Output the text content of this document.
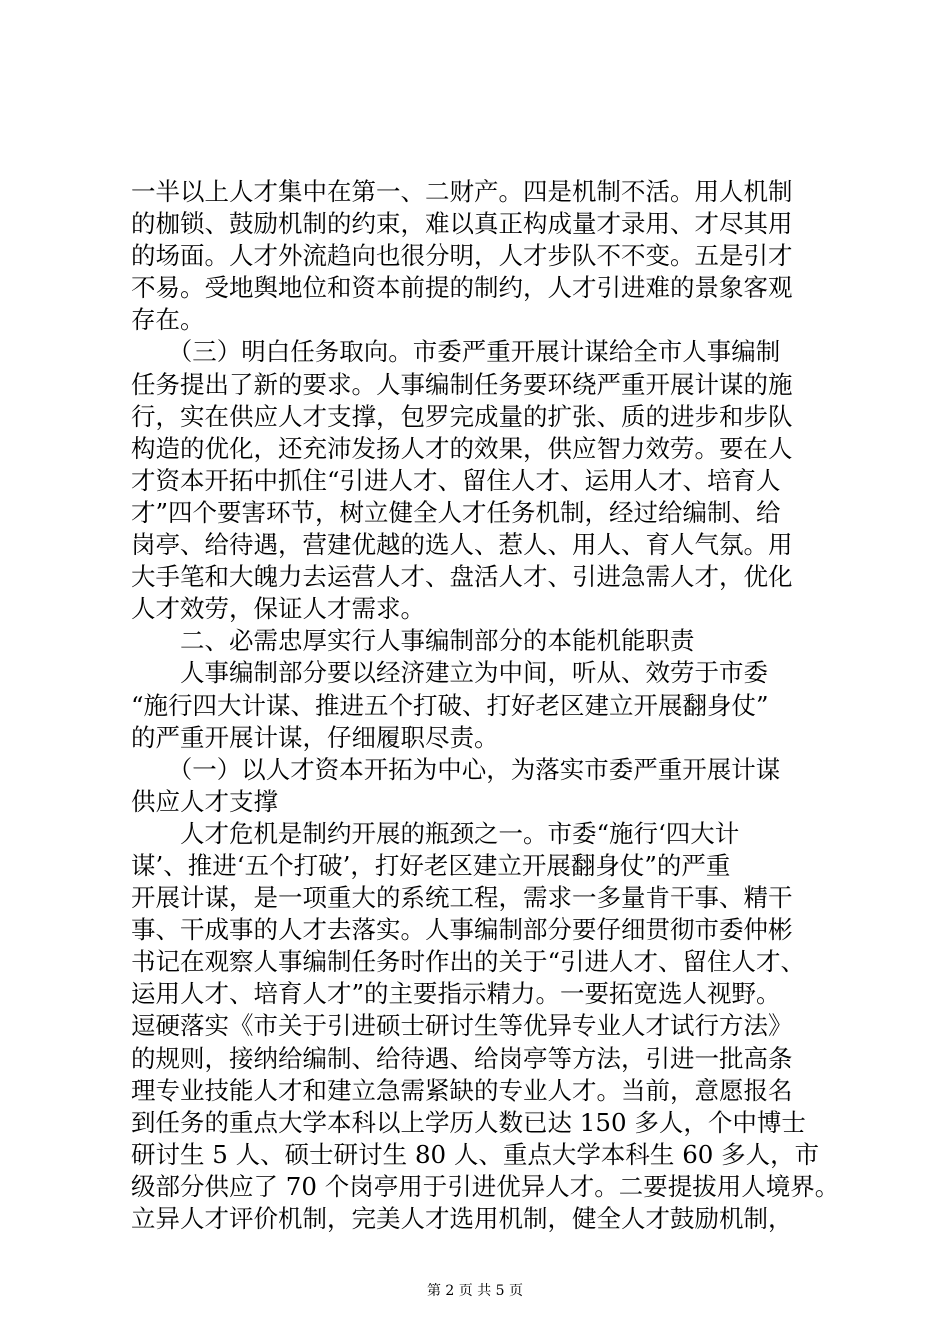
一半以上人才集中在第一、二财产。四是机制不活。用人机制
的枷锁、鼓励机制的约束，难以真正构成量才录用、才尽其用
的场面。人才外流趋向也很分明，人才步队不不变。五是引才
不易。受地舆地位和资本前提的制约，人才引进难的景象客观
存在。
　　（三）明白任务取向。市委严重开展计谋给全市人事编制
任务提出了新的要求。人事编制任务要环绕严重开展计谋的施
行，实在供应人才支撑，包罗完成量的扩张、质的进步和步队
构造的优化，还充沛发扬人才的效果，供应智力效劳。要在人
才资本开拓中抓住“引进人才、留住人才、运用人才、培育人
才”四个要害环节，树立健全人才任务机制，经过给编制、给
岗亭、给待遇，营建优越的选人、惹人、用人、育人气氛。用
大手笔和大魄力去运营人才、盘活人才、引进急需人才，优化
人才效劳，保证人才需求。
　　二、必需忠厚实行人事编制部分的本能机能职责
　　人事编制部分要以经济建立为中间，听从、效劳于市委
“施行四大计谋、推进五个打破、打好老区建立开展翻身仗”
的严重开展计谋，仔细履职尽责。
　　（一）以人才资本开拓为中心，为落实市委严重开展计谋
供应人才支撑
　　人才危机是制约开展的瓶颈之一。市委“施行‘四大计
谋’、推进‘五个打破’，打好老区建立开展翻身仗”的严重
开展计谋，是一项重大的系统工程，需求一多量肯干事、精干
事、干成事的人才去落实。人事编制部分要仔细贯彻市委仲彬
书记在观察人事编制任务时作出的关于“引进人才、留住人才、
运用人才、培育人才”的主要指示精力。一要拓宽选人视野。
逗硬落实《市关于引进硕士研讨生等优异专业人才试行方法》
的规则，接纳给编制、给待遇、给岗亭等方法，引进一批高条
理专业技能人才和建立急需紧缺的专业人才。当前，意愿报名
到任务的重点大学本科以上学历人数已达 150 多人，个中博士
研讨生 5 人、硕士研讨生 80 人、重点大学本科生 60 多人，市
级部分供应了 70 个岗亭用于引进优异人才。二要提拔用人境界。
立异人才评价机制，完美人才选用机制，健全人才鼓励机制，
第 2 页 共 5 页
